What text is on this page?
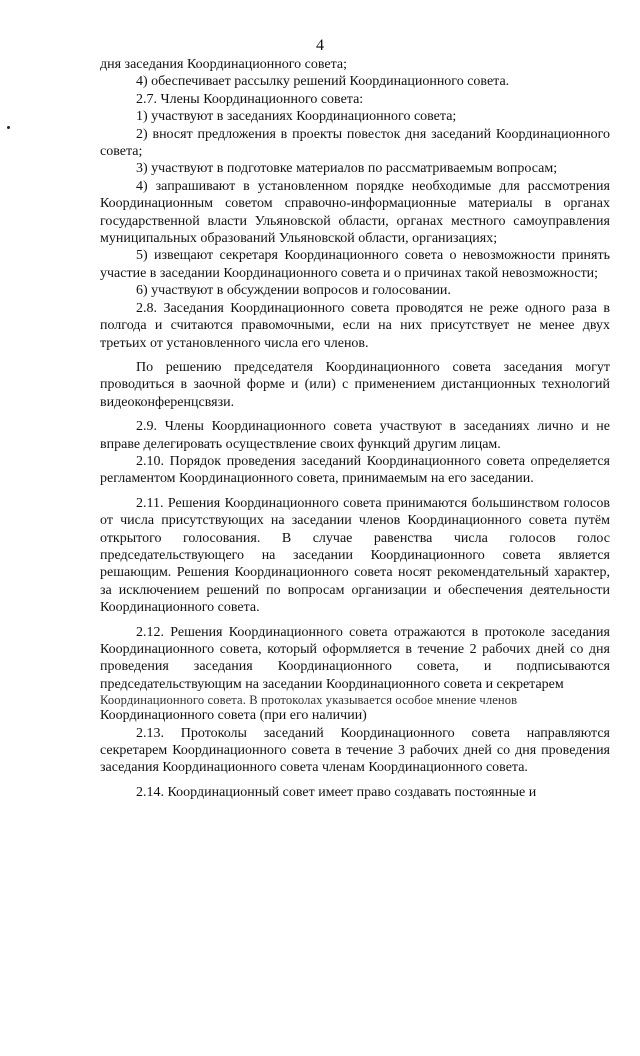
4

дня заседания Координационного совета;

4) обеспечивает рассылку решений Координационного совета.

2.7. Члены Координационного совета:

1) участвуют в заседаниях Координационного совета;

2) вносят предложения в проекты повесток дня заседаний Координационного совета;

3) участвуют в подготовке материалов по рассматриваемым вопросам;

4) запрашивают в установленном порядке необходимые для рассмотрения Координационным советом справочно-информационные материалы в органах государственной власти Ульяновской области, органах местного самоуправления муниципальных образований Ульяновской области, организациях;

5) извещают секретаря Координационного совета о невозможности принять участие в заседании Координационного совета и о причинах такой невозможности;

6) участвуют в обсуждении вопросов и голосовании.

2.8. Заседания Координационного совета проводятся не реже одного раза в полгода и считаются правомочными, если на них присутствует не менее двух третьих от установленного числа его членов.

По решению председателя Координационного совета заседания могут проводиться в заочной форме и (или) с применением дистанционных технологий видеоконференцсвязи.

2.9. Члены Координационного совета участвуют в заседаниях лично и не вправе делегировать осуществление своих функций другим лицам.

2.10. Порядок проведения заседаний Координационного совета определяется регламентом Координационного совета, принимаемым на его заседании.

2.11. Решения Координационного совета принимаются большинством голосов от числа присутствующих на заседании членов Координационного совета путём открытого голосования. В случае равенства числа голосов голос председательствующего на заседании Координационного совета является решающим. Решения Координационного совета носят рекомендательный характер, за исключением решений по вопросам организации и обеспечения деятельности Координационного совета.

2.12. Решения Координационного совета отражаются в протоколе заседания Координационного совета, который оформляется в течение 2 рабочих дней со дня проведения заседания Координационного совета, и подписываются председательствующим на заседании Координационного совета и секретарем

Координационного совета. В протоколах указывается особое мнение членов

Координационного совета (при его наличии)

2.13. Протоколы заседаний Координационного совета направляются секретарем Координационного совета в течение 3 рабочих дней со дня проведения заседания Координационного совета членам Координационного совета.

2.14. Координационный совет имеет право создавать постоянные и
